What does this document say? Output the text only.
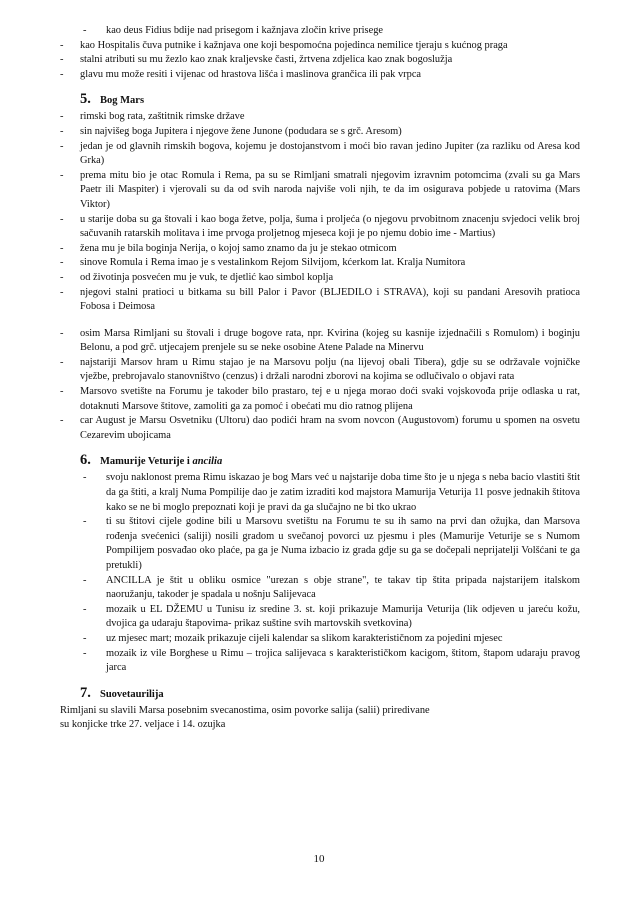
- kao deus Fidius bdije nad prisegom i kažnjava zločin krive prisege
- kao Hospitalis čuva putnike i kažnjava one koji bespomoćna pojedinca nemilice tjeraju s kućnog praga
- stalni atributi su mu žezlo kao znak kraljevske časti, žrtvena zdjelica kao znak bogoslužja
- glavu mu može resiti i vijenac od hrastova lišća i maslinova grančica ili pak vrpca
5. Bog Mars
- rimski bog rata, zaštitnik rimske države
- sin najvišeg boga Jupitera i njegove žene Junone (podudara se s grč. Aresom)
- jedan je od glavnih rimskih bogova, kojemu je dostojanstvom i moći bio ravan jedino Jupiter (za razliku od Aresa kod Grka)
- prema mitu bio je otac Romula i Rema, pa su se Rimljani smatrali njegovim izravnim potomcima (zvali su ga Mars Paetr ili Maspiter) i vjerovali su da od svih naroda najviše voli njih, te da im osigurava pobjede u ratovima (Mars Viktor)
- u starije doba su ga štovali i kao boga žetve, polja, šuma i proljeća (o njegovu prvobitnom znacenju svjedoci velik broj sačuvanih ratarskih molitava i ime prvoga proljetnog mjeseca koji je po njemu dobio ime - Martius)
- žena mu je bila boginja Nerija, o kojoj samo znamo da ju je stekao otmicom
- sinove Romula i Rema imao je s vestalinkom Rejom Silvijom, kćerkom lat. Kralja Numitora
- od životinja posvećen mu je vuk, te djetlić kao simbol koplja
- njegovi stalni pratioci u bitkama su bill Palor i Pavor (BLJEDILO i STRAVA), koji su pandani Aresovih pratioca Fobosa i Deimosa
- osim Marsa Rimljani su štovali i druge bogove rata, npr. Kvirina (kojeg su kasnije izjednačili s Romulom) i boginju Belonu, a pod grč. utjecajem prenjele su se neke osobine Atene Palade na Minervu
- najstariji Marsov hram u Rimu stajao je na Marsovu polju (na lijevoj obali Tibera), gdje su se održavale vojničke vježbe, prebrojavalo stanovništvo (cenzus) i držali narodni zborovi na kojima se odlučivalo o objavi rata
- Marsovo svetište na Forumu je takoder bilo prastaro, tej e u njega morao doći svaki vojskovođa prije odlaska u rat, dotaknuti Marsove štitove, zamoliti ga za pomoć i obećati mu dio ratnog plijena
- car August je Marsu Osvetniku (Ultoru) dao podići hram na svom novcon (Augustovom) forumu u spomen na osvetu Cezarevim ubojicama
6. Mamurije Veturije i ancilia
- svoju naklonost prema Rimu iskazao je bog Mars već u najstarije doba time što je u njega s neba bacio vlastiti štit da ga štiti, a kralj Numa Pompilije dao je zatim izraditi kod majstora Mamurija Veturija 11 posve jednakih štitova kako se ne bi moglo prepoznati koji je pravi da ga slučajno ne bi tko ukrao
- ti su štitovi cijele godine bili u Marsovu svetištu na Forumu te su ih samo na prvi dan ožujka, dan Marsova rođenja svećenici (saliji) nosili gradom u svečanoj povorci uz pjesmu i ples (Mamurije Veturije se s Numom Pompilijem posvađao oko plaće, pa ga je Numa izbacio iz grada gdje su ga se dočepali neprijatelji Volšćani te ga pretukli)
- ANCILLA je štit u obliku osmice "urezan s obje strane", te takav tip štita pripada najstarijem italskom naoružanju, takoder je spadala u nošnju Salijevaca
- mozaik u EL DŽEMU u Tunisu iz sredine 3. st. koji prikazuje Mamurija Veturija (lik odjeven u jareću kožu, dvojica ga udaraju štapovima- prikaz suštine svih martovskih svetkovina)
- uz mjesec mart; mozaik prikazuje cijeli kalendar sa slikom karakterističnom za pojedini mjesec
- mozaik iz vile Borghese u Rimu – trojica salijevaca s karakterističkom kacigom, štitom, štapom udaraju pravog jarca
7. Suovetaurilija
Rimljani su slavili Marsa posebnim svecanostima, osim povorke salija (salii) priredivane
su konjicke trke 27. veljace i 14. ozujka
10
